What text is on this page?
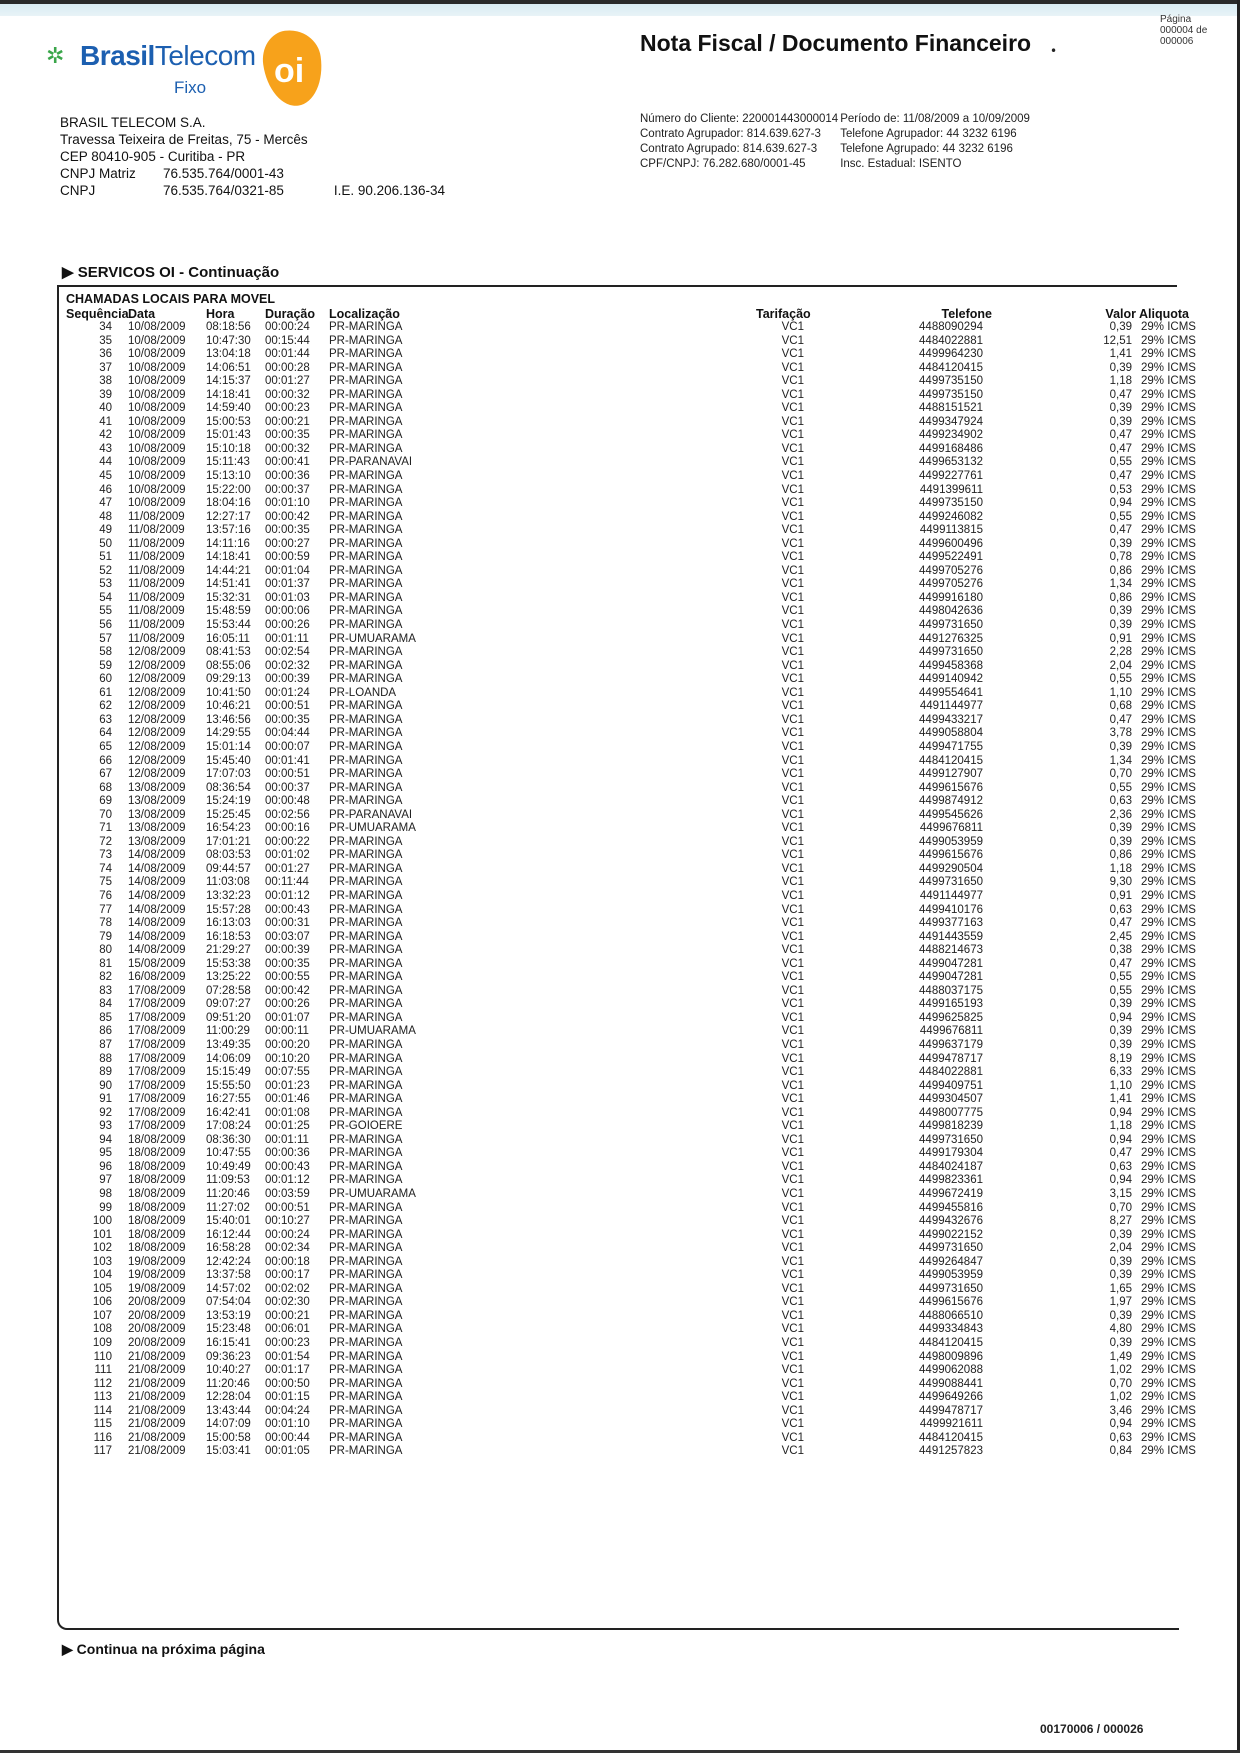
✲ BrasilTelecom
Fixo oi
BRASIL TELECOM S.A.
Travessa Teixeira de Freitas, 75 - Mercês
CEP 80410-905 - Curitiba - PR
CNPJ Matriz 76.535.764/0001-43
CNPJ	76.535.764/0321-85	I.E. 90.206.136-34
Nota Fiscal / Documento Financeiro •
Página
000004 de
000006
Número do Cliente: 220001443000014
Contrato Agrupador: 814.639.627-3
Contrato Agrupado: 814.639.627-3
CPF/CNPJ: 76.282.680/0001-45

Período de: 11/08/2009 a 10/09/2009
Telefone Agrupador: 44 3232 6196
Telefone Agrupado: 44 3232 6196
Insc. Estadual: ISENTO
▶ SERVICOS OI - Continuação
CHAMADAS LOCAIS PARA MOVEL
Sequência Data	Hora Duração Localização	Tarifação	Telefone	Valor Aliquota
34 10/08/2009 08:18:56 00:00:24 PR-MARINGA	VC1	4488090294	0,39 29% ICMS
35 10/08/2009 10:47:30 00:15:44 PR-MARINGA	VC1	4484022881	12,51 29% ICMS
36 10/08/2009 13:04:18 00:01:44 PR-MARINGA	VC1	4499964230	1,41 29% ICMS
37 10/08/2009 14:06:51 00:00:28 PR-MARINGA	VC1	4484120415	0,39 29% ICMS
38 10/08/2009 14:15:37 00:01:27 PR-MARINGA	VC1	4499735150	1,18 29% ICMS
39 10/08/2009 14:18:41 00:00:32 PR-MARINGA	VC1	4499735150	0,47 29% ICMS
40 10/08/2009 14:59:40 00:00:23 PR-MARINGA	VC1	4488151521	0,39 29% ICMS
41 10/08/2009 15:00:53 00:00:21 PR-MARINGA	VC1	4499347924	0,39 29% ICMS
42 10/08/2009 15:01:43 00:00:35 PR-MARINGA	VC1	4499234902	0,47 29% ICMS
43 10/08/2009 15:10:18 00:00:32 PR-MARINGA	VC1	4499168486	0,47 29% ICMS
44 10/08/2009 15:11:43 00:00:41 PR-PARANAVAI	VC1	4499653132	0,55 29% ICMS
45 10/08/2009 15:13:10 00:00:36 PR-MARINGA	VC1	4499227761	0,47 29% ICMS
46 10/08/2009 15:22:00 00:00:37 PR-MARINGA	VC1	4491399611	0,53 29% ICMS
47 10/08/2009 18:04:16 00:01:10 PR-MARINGA	VC1	4499735150	0,94 29% ICMS
48 11/08/2009 12:27:17 00:00:42 PR-MARINGA	VC1	4499246082	0,55 29% ICMS
49 11/08/2009 13:57:16 00:00:35 PR-MARINGA	VC1	4499113815	0,47 29% ICMS
50 11/08/2009 14:11:16 00:00:27 PR-MARINGA	VC1	4499600496	0,39 29% ICMS
51 11/08/2009 14:18:41 00:00:59 PR-MARINGA	VC1	4499522491	0,78 29% ICMS
52 11/08/2009 14:44:21 00:01:04 PR-MARINGA	VC1	4499705276	0,86 29% ICMS
53 11/08/2009 14:51:41 00:01:37 PR-MARINGA	VC1	4499705276	1,34 29% ICMS
54 11/08/2009 15:32:31 00:01:03 PR-MARINGA	VC1	4499916180	0,86 29% ICMS
55 11/08/2009 15:48:59 00:00:06 PR-MARINGA	VC1	4498042636	0,39 29% ICMS
56 11/08/2009 15:53:44 00:00:26 PR-MARINGA	VC1	4499731650	0,39 29% ICMS
57 11/08/2009 16:05:11 00:01:11 PR-UMUARAMA	VC1	4491276325	0,91 29% ICMS
58 12/08/2009 08:41:53 00:02:54 PR-MARINGA	VC1	4499731650	2,28 29% ICMS
59 12/08/2009 08:55:06 00:02:32 PR-MARINGA	VC1	4499458368	2,04 29% ICMS
60 12/08/2009 09:29:13 00:00:39 PR-MARINGA	VC1	4499140942	0,55 29% ICMS
61 12/08/2009 10:41:50 00:01:24 PR-LOANDA	VC1	4499554641	1,10 29% ICMS
62 12/08/2009 10:46:21 00:00:51 PR-MARINGA	VC1	4491144977	0,68 29% ICMS
63 12/08/2009 13:46:56 00:00:35 PR-MARINGA	VC1	4499433217	0,47 29% ICMS
64 12/08/2009 14:29:55 00:04:44 PR-MARINGA	VC1	4499058804	3,78 29% ICMS
65 12/08/2009 15:01:14 00:00:07 PR-MARINGA	VC1	4499471755	0,39 29% ICMS
66 12/08/2009 15:45:40 00:01:41 PR-MARINGA	VC1	4484120415	1,34 29% ICMS
67 12/08/2009 17:07:03 00:00:51 PR-MARINGA	VC1	4499127907	0,70 29% ICMS
68 13/08/2009 08:36:54 00:00:37 PR-MARINGA	VC1	4499615676	0,55 29% ICMS
69 13/08/2009 15:24:19 00:00:48 PR-MARINGA	VC1	4499874912	0,63 29% ICMS
70 13/08/2009 15:25:45 00:02:56 PR-PARANAVAI	VC1	4499545626	2,36 29% ICMS
71 13/08/2009 16:54:23 00:00:16 PR-UMUARAMA	VC1	4499676811	0,39 29% ICMS
72 13/08/2009 17:01:21 00:00:22 PR-MARINGA	VC1	4499053959	0,39 29% ICMS
73 14/08/2009 08:03:53 00:01:02 PR-MARINGA	VC1	4499615676	0,86 29% ICMS
74 14/08/2009 09:44:57 00:01:27 PR-MARINGA	VC1	4499290504	1,18 29% ICMS
75 14/08/2009 11:03:08 00:11:44 PR-MARINGA	VC1	4499731650	9,30 29% ICMS
76 14/08/2009 13:32:23 00:01:12 PR-MARINGA	VC1	4491144977	0,91 29% ICMS
77 14/08/2009 15:57:28 00:00:43 PR-MARINGA	VC1	4499410176	0,63 29% ICMS
78 14/08/2009 16:13:03 00:00:31 PR-MARINGA	VC1	4499377163	0,47 29% ICMS
79 14/08/2009 16:18:53 00:03:07 PR-MARINGA	VC1	4491443559	2,45 29% ICMS
80 14/08/2009 21:29:27 00:00:39 PR-MARINGA	VC1	4488214673	0,38 29% ICMS
81 15/08/2009 15:53:38 00:00:35 PR-MARINGA	VC1	4499047281	0,47 29% ICMS
82 16/08/2009 13:25:22 00:00:55 PR-MARINGA	VC1	4499047281	0,55 29% ICMS
83 17/08/2009 07:28:58 00:00:42 PR-MARINGA	VC1	4488037175	0,55 29% ICMS
84 17/08/2009 09:07:27 00:00:26 PR-MARINGA	VC1	4499165193	0,39 29% ICMS
85 17/08/2009 09:51:20 00:01:07 PR-MARINGA	VC1	4499625825	0,94 29% ICMS
86 17/08/2009 11:00:29 00:00:11 PR-UMUARAMA	VC1	4499676811	0,39 29% ICMS
87 17/08/2009 13:49:35 00:00:20 PR-MARINGA	VC1	4499637179	0,39 29% ICMS
88 17/08/2009 14:06:09 00:10:20 PR-MARINGA	VC1	4499478717	8,19 29% ICMS
89 17/08/2009 15:15:49 00:07:55 PR-MARINGA	VC1	4484022881	6,33 29% ICMS
90 17/08/2009 15:55:50 00:01:23 PR-MARINGA	VC1	4499409751	1,10 29% ICMS
91 17/08/2009 16:27:55 00:01:46 PR-MARINGA	VC1	4499304507	1,41 29% ICMS
92 17/08/2009 16:42:41 00:01:08 PR-MARINGA	VC1	4498007775	0,94 29% ICMS
93 17/08/2009 17:08:24 00:01:25 PR-GOIOERE	VC1	4499818239	1,18 29% ICMS
94 18/08/2009 08:36:30 00:01:11 PR-MARINGA	VC1	4499731650	0,94 29% ICMS
95 18/08/2009 10:47:55 00:00:36 PR-MARINGA	VC1	4499179304	0,47 29% ICMS
96 18/08/2009 10:49:49 00:00:43 PR-MARINGA	VC1	4484024187	0,63 29% ICMS
97 18/08/2009 11:09:53 00:01:12 PR-MARINGA	VC1	4499823361	0,94 29% ICMS
98 18/08/2009 11:20:46 00:03:59 PR-UMUARAMA	VC1	4499672419	3,15 29% ICMS
99 18/08/2009 11:27:02 00:00:51 PR-MARINGA	VC1	4499455816	0,70 29% ICMS
100 18/08/2009 15:40:01 00:10:27 PR-MARINGA	VC1	4499432676	8,27 29% ICMS
101 18/08/2009 16:12:44 00:00:24 PR-MARINGA	VC1	4499022152	0,39 29% ICMS
102 18/08/2009 16:58:28 00:02:34 PR-MARINGA	VC1	4499731650	2,04 29% ICMS
103 19/08/2009 12:42:24 00:00:18 PR-MARINGA	VC1	4499264847	0,39 29% ICMS
104 19/08/2009 13:37:58 00:00:17 PR-MARINGA	VC1	4499053959	0,39 29% ICMS
105 19/08/2009 14:57:02 00:02:02 PR-MARINGA	VC1	4499731650	1,65 29% ICMS
106 20/08/2009 07:54:04 00:02:30 PR-MARINGA	VC1	4499615676	1,97 29% ICMS
107 20/08/2009 13:53:19 00:00:21 PR-MARINGA	VC1	4488066510	0,39 29% ICMS
108 20/08/2009 15:23:48 00:06:01 PR-MARINGA	VC1	4499334843	4,80 29% ICMS
109 20/08/2009 16:15:41 00:00:23 PR-MARINGA	VC1	4484120415	0,39 29% ICMS
110 21/08/2009 09:36:23 00:01:54 PR-MARINGA	VC1	4498009896	1,49 29% ICMS
111 21/08/2009 10:40:27 00:01:17 PR-MARINGA	VC1	4499062088	1,02 29% ICMS
112 21/08/2009 11:20:46 00:00:50 PR-MARINGA	VC1	4499088441	0,70 29% ICMS
113 21/08/2009 12:28:04 00:01:15 PR-MARINGA	VC1	4499649266	1,02 29% ICMS
114 21/08/2009 13:43:44 00:04:24 PR-MARINGA	VC1	4499478717	3,46 29% ICMS
115 21/08/2009 14:07:09 00:01:10 PR-MARINGA	VC1	4499921611	0,94 29% ICMS
116 21/08/2009 15:00:58 00:00:44 PR-MARINGA	VC1	4484120415	0,63 29% ICMS
117 21/08/2009 15:03:41 00:01:05 PR-MARINGA	VC1	4491257823	0,84 29% ICMS
▶ Continua na próxima página
00170006 / 000026
